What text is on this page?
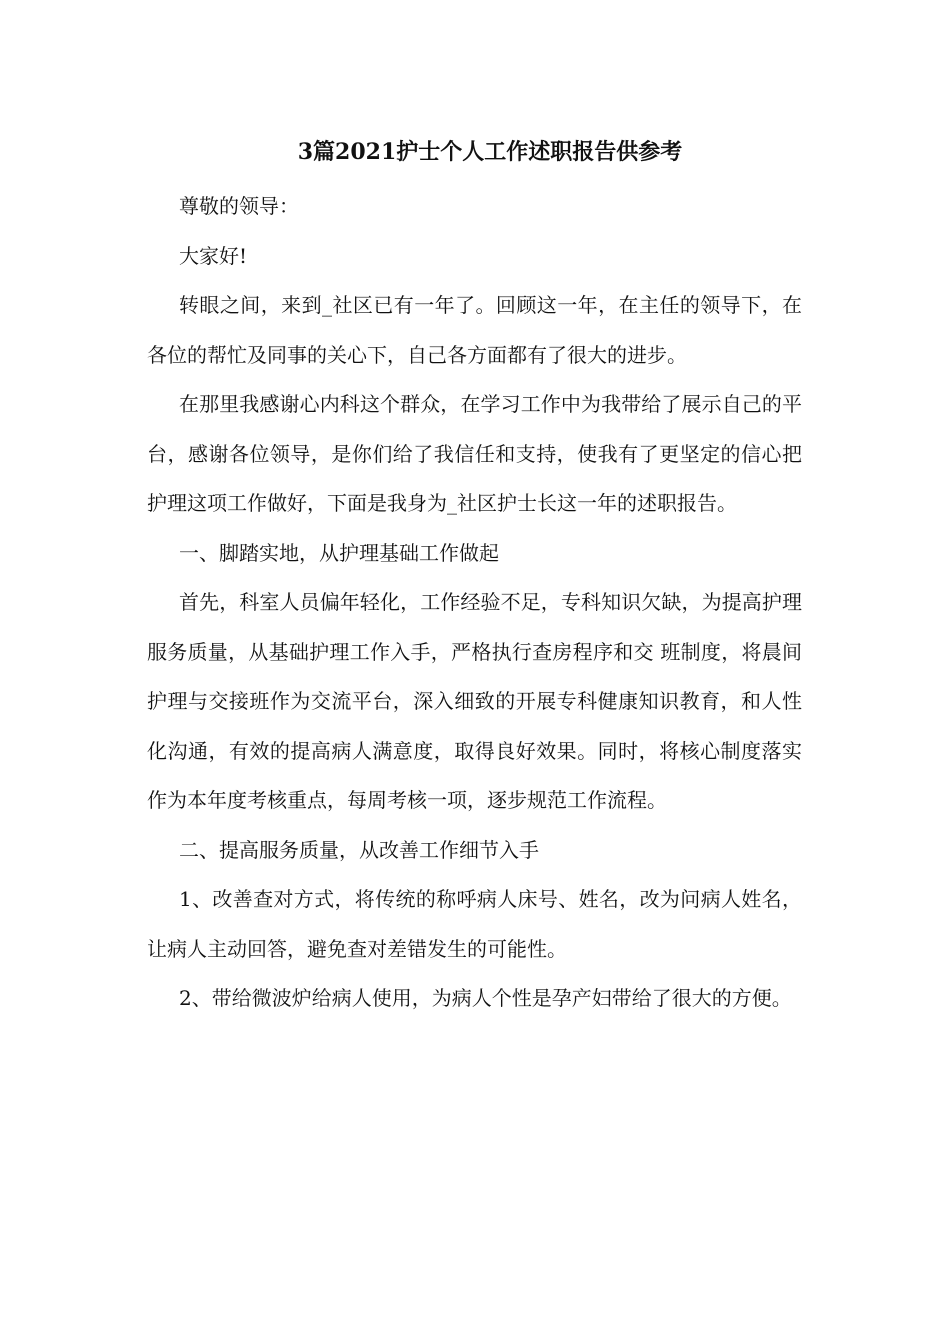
3篇2021护士个人工作述职报告供参考

尊敬的领导：

大家好!

转眼之间，来到_社区已有一年了。回顾这一年，在主任的领导下，在各位的帮忙及同事的关心下，自己各方面都有了很大的进步。

在那里我感谢心内科这个群众，在学习工作中为我带给了展示自己的平台，感谢各位领导，是你们给了我信任和支持，使我有了更坚定的信心把护理这项工作做好，下面是我身为_社区护士长这一年的述职报告。

一、脚踏实地，从护理基础工作做起

首先，科室人员偏年轻化，工作经验不足，专科知识欠缺，为提高护理服务质量，从基础护理工作入手，严格执行查房程序和交 班制度，将晨间护理与交接班作为交流平台，深入细致的开展专科健康知识教育，和人性化沟通，有效的提高病人满意度，取得良好效果。同时，将核心制度落实作为本年度考核重点，每周考核一项，逐步规范工作流程。

二、提高服务质量，从改善工作细节入手

1、改善查对方式，将传统的称呼病人床号、姓名，改为问病人姓名，让病人主动回答，避免查对差错发生的可能性。

2、带给微波炉给病人使用，为病人个性是孕产妇带给了很大的方便。
